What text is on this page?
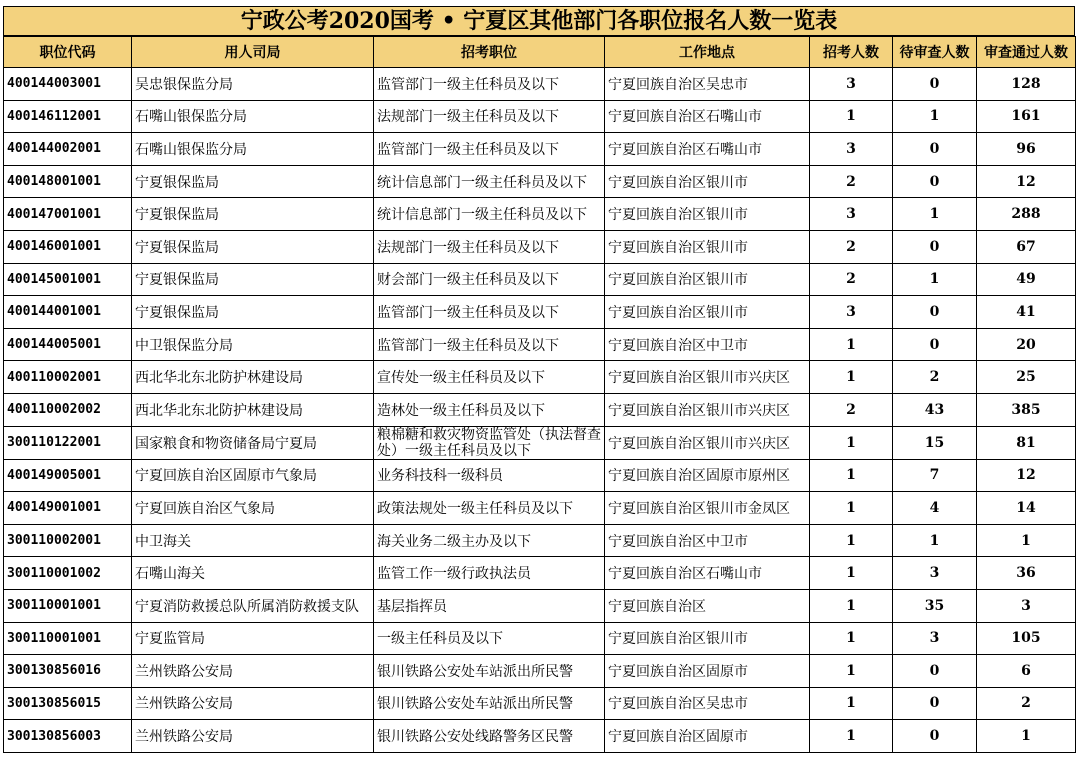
宁政公考2020国考 • 宁夏区其他部门各职位报名人数一览表
职位代码	用人司局	招考职位	工作地点	招考人数	待审查人数	审查通过人数
400144003001	吴忠银保监分局	监管部门一级主任科员及以下	宁夏回族自治区吴忠市	3	0	128
400146112001	石嘴山银保监分局	法规部门一级主任科员及以下	宁夏回族自治区石嘴山市	1	1	161
400144002001	石嘴山银保监分局	监管部门一级主任科员及以下	宁夏回族自治区石嘴山市	3	0	96
400148001001	宁夏银保监局	统计信息部门一级主任科员及以下	宁夏回族自治区银川市	2	0	12
400147001001	宁夏银保监局	统计信息部门一级主任科员及以下	宁夏回族自治区银川市	3	1	288
400146001001	宁夏银保监局	法规部门一级主任科员及以下	宁夏回族自治区银川市	2	0	67
400145001001	宁夏银保监局	财会部门一级主任科员及以下	宁夏回族自治区银川市	2	1	49
400144001001	宁夏银保监局	监管部门一级主任科员及以下	宁夏回族自治区银川市	3	0	41
400144005001	中卫银保监分局	监管部门一级主任科员及以下	宁夏回族自治区中卫市	1	0	20
400110002001	西北华北东北防护林建设局	宣传处一级主任科员及以下	宁夏回族自治区银川市兴庆区	1	2	25
400110002002	西北华北东北防护林建设局	造林处一级主任科员及以下	宁夏回族自治区银川市兴庆区	2	43	385
300110122001	国家粮食和物资储备局宁夏局	粮棉糖和救灾物资监管处（执法督查处）一级主任科员及以下	宁夏回族自治区银川市兴庆区	1	15	81
400149005001	宁夏回族自治区固原市气象局	业务科技科一级科员	宁夏回族自治区固原市原州区	1	7	12
400149001001	宁夏回族自治区气象局	政策法规处一级主任科员及以下	宁夏回族自治区银川市金凤区	1	4	14
300110002001	中卫海关	海关业务二级主办及以下	宁夏回族自治区中卫市	1	1	1
300110001002	石嘴山海关	监管工作一级行政执法员	宁夏回族自治区石嘴山市	1	3	36
300110001001	宁夏消防救援总队所属消防救援支队	基层指挥员	宁夏回族自治区	1	35	3
300110001001	宁夏监管局	一级主任科员及以下	宁夏回族自治区银川市	1	3	105
300130856016	兰州铁路公安局	银川铁路公安处车站派出所民警	宁夏回族自治区固原市	1	0	6
300130856015	兰州铁路公安局	银川铁路公安处车站派出所民警	宁夏回族自治区吴忠市	1	0	2
300130856003	兰州铁路公安局	银川铁路公安处线路警务区民警	宁夏回族自治区固原市	1	0	1
